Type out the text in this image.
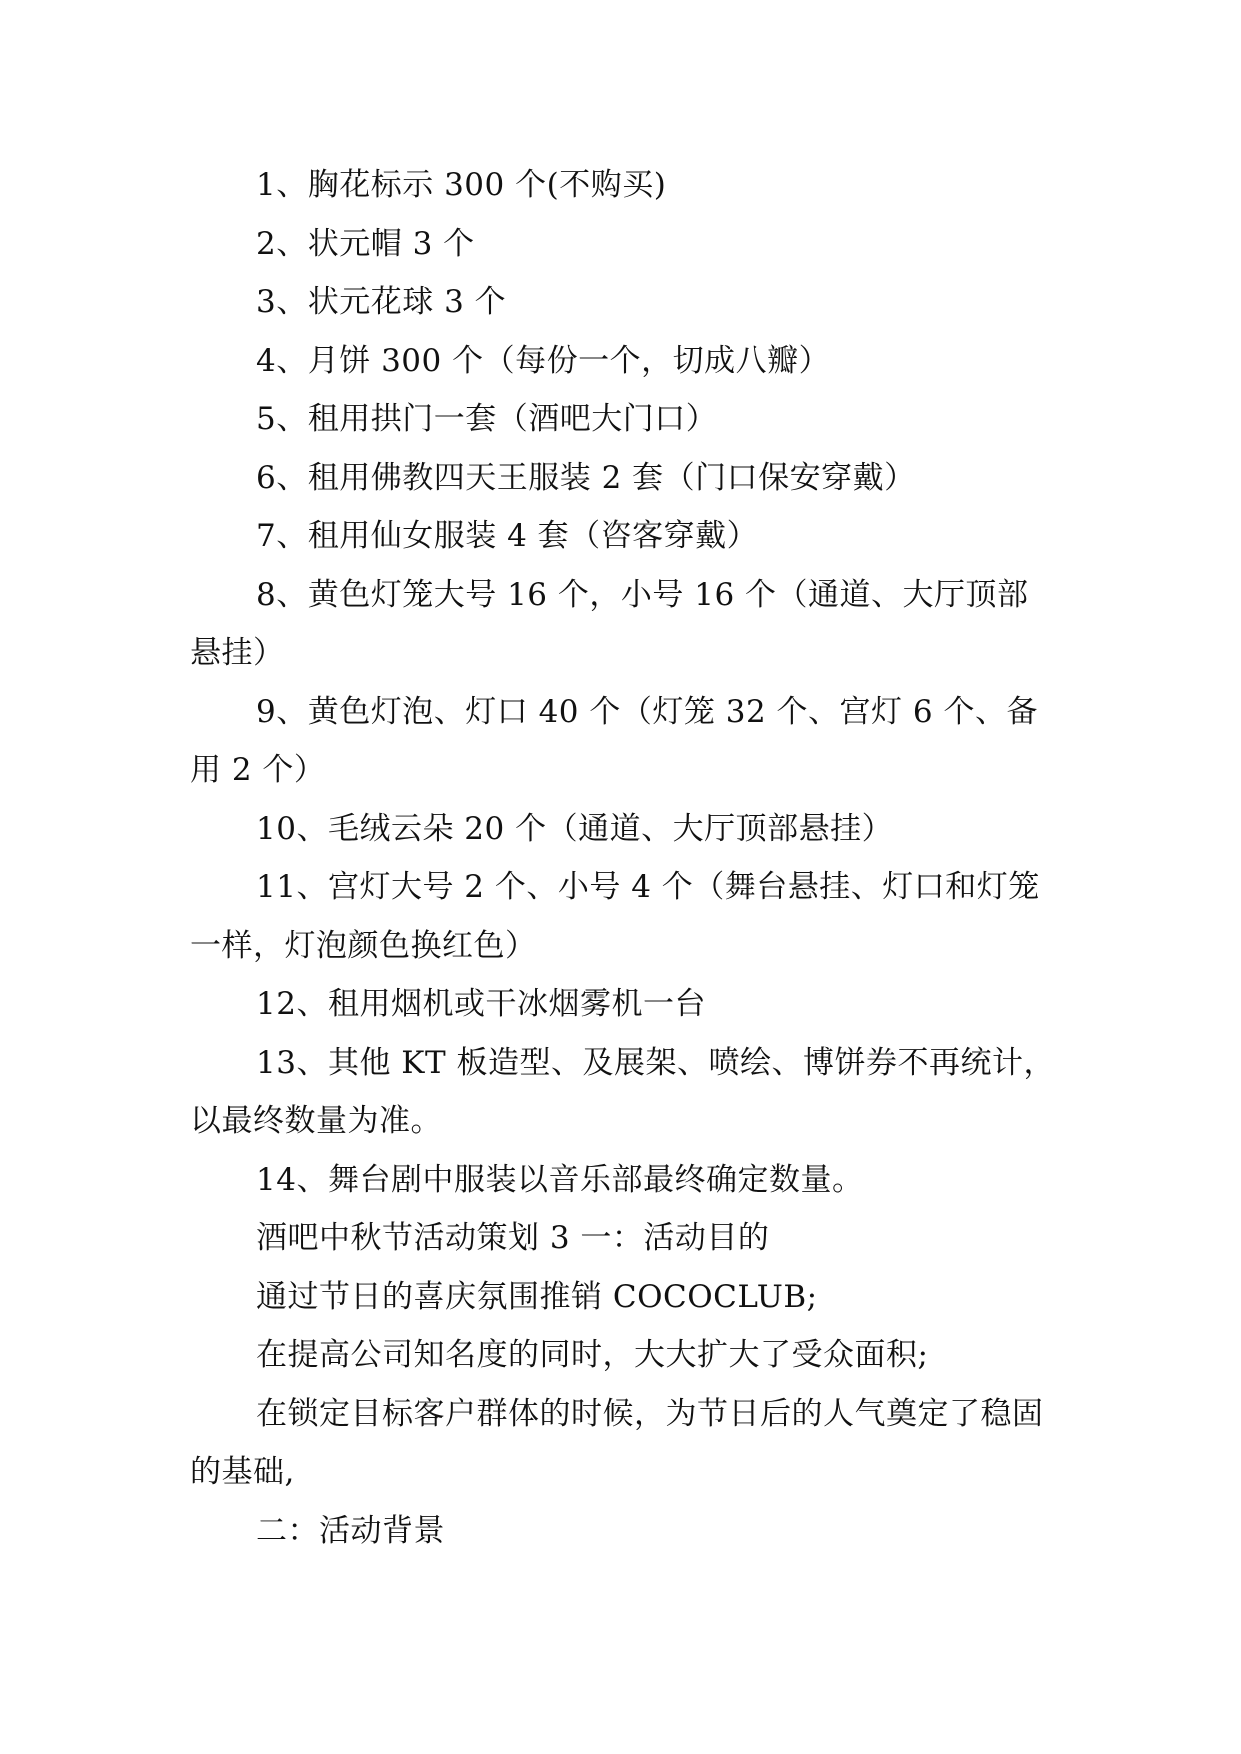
1、胸花标示 300 个(不购买)

2、状元帽 3 个

3、状元花球 3 个

4、月饼 300 个（每份一个，切成八瓣）

5、租用拱门一套（酒吧大门口）

6、租用佛教四天王服装 2 套（门口保安穿戴）

7、租用仙女服装 4 套（咨客穿戴）

8、黄色灯笼大号 16 个，小号 16 个（通道、大厅顶部悬挂）

9、黄色灯泡、灯口 40 个（灯笼 32 个、宫灯 6 个、备用 2 个）

10、毛绒云朵 20 个（通道、大厅顶部悬挂）

11、宫灯大号 2 个、小号 4 个（舞台悬挂、灯口和灯笼一样，灯泡颜色换红色）

12、租用烟机或干冰烟雾机一台

13、其他 KT 板造型、及展架、喷绘、博饼券不再统计，以最终数量为准。

14、舞台剧中服装以音乐部最终确定数量。

酒吧中秋节活动策划 3 一：活动目的

通过节日的喜庆氛围推销 COCOCLUB;

在提高公司知名度的同时，大大扩大了受众面积;

在锁定目标客户群体的时候，为节日后的人气奠定了稳固的基础,

二：活动背景
